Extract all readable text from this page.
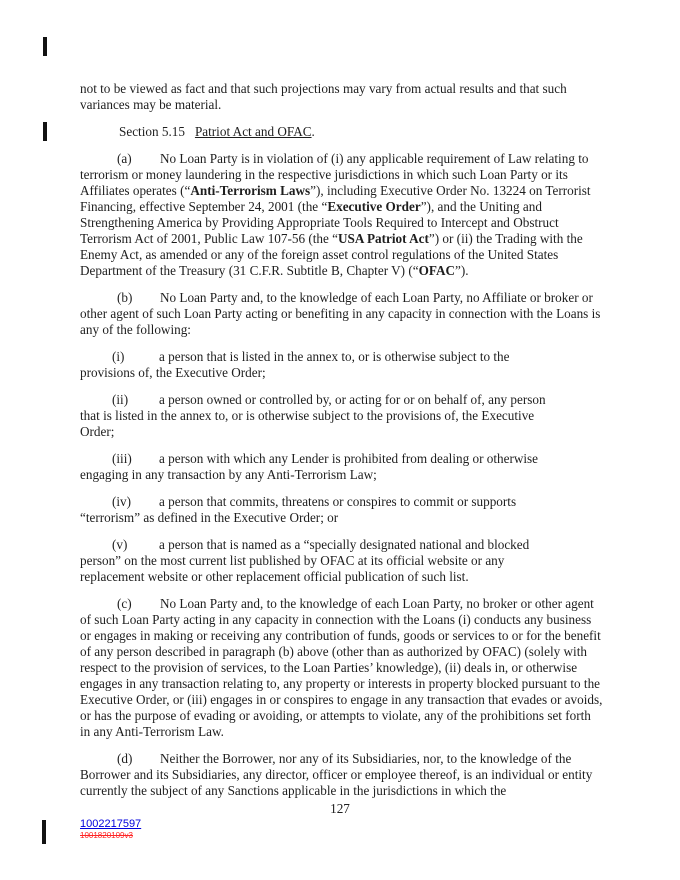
not to be viewed as fact and that such projections may vary from actual results and that such variances may be material.

Section 5.15 Patriot Act and OFAC.

(a) No Loan Party is in violation of (i) any applicable requirement of Law relating to terrorism or money laundering in the respective jurisdictions in which such Loan Party or its Affiliates operates (“Anti-Terrorism Laws”), including Executive Order No. 13224 on Terrorist Financing, effective September 24, 2001 (the “Executive Order”), and the Uniting and Strengthening America by Providing Appropriate Tools Required to Intercept and Obstruct Terrorism Act of 2001, Public Law 107-56 (the “USA Patriot Act”) or (ii) the Trading with the Enemy Act, as amended or any of the foreign asset control regulations of the United States Department of the Treasury (31 C.F.R. Subtitle B, Chapter V) (“OFAC”).

(b) No Loan Party and, to the knowledge of each Loan Party, no Affiliate or broker or other agent of such Loan Party acting or benefiting in any capacity in connection with the Loans is any of the following:

(i)	a person that is listed in the annex to, or is otherwise subject to the provisions of, the Executive Order;

(ii) a person owned or controlled by, or acting for or on behalf of, any person that is listed in the annex to, or is otherwise subject to the provisions of, the Executive Order;

(iii) a person with which any Lender is prohibited from dealing or otherwise engaging in any transaction by any Anti-Terrorism Law;

(iv) a person that commits, threatens or conspires to commit or supports “terrorism” as defined in the Executive Order; or

(v) a person that is named as a “specially designated national and blocked person” on the most current list published by OFAC at its official website or any replacement website or other replacement official publication of such list.

(c) No Loan Party and, to the knowledge of each Loan Party, no broker or other agent of such Loan Party acting in any capacity in connection with the Loans (i) conducts any business or engages in making or receiving any contribution of funds, goods or services to or for the benefit of any person described in paragraph (b) above (other than as authorized by OFAC) (solely with respect to the provision of services, to the Loan Parties’ knowledge), (ii) deals in, or otherwise engages in any transaction relating to, any property or interests in property blocked pursuant to the Executive Order, or (iii) engages in or conspires to engage in any transaction that evades or avoids, or has the purpose of evading or avoiding, or attempts to violate, any of the prohibitions set forth in any Anti-Terrorism Law.

(d) Neither the Borrower, nor any of its Subsidiaries, nor, to the knowledge of the Borrower and its Subsidiaries, any director, officer or employee thereof, is an individual or entity currently the subject of any Sanctions applicable in the jurisdictions in which the

127
1002217597
1001820109v3
